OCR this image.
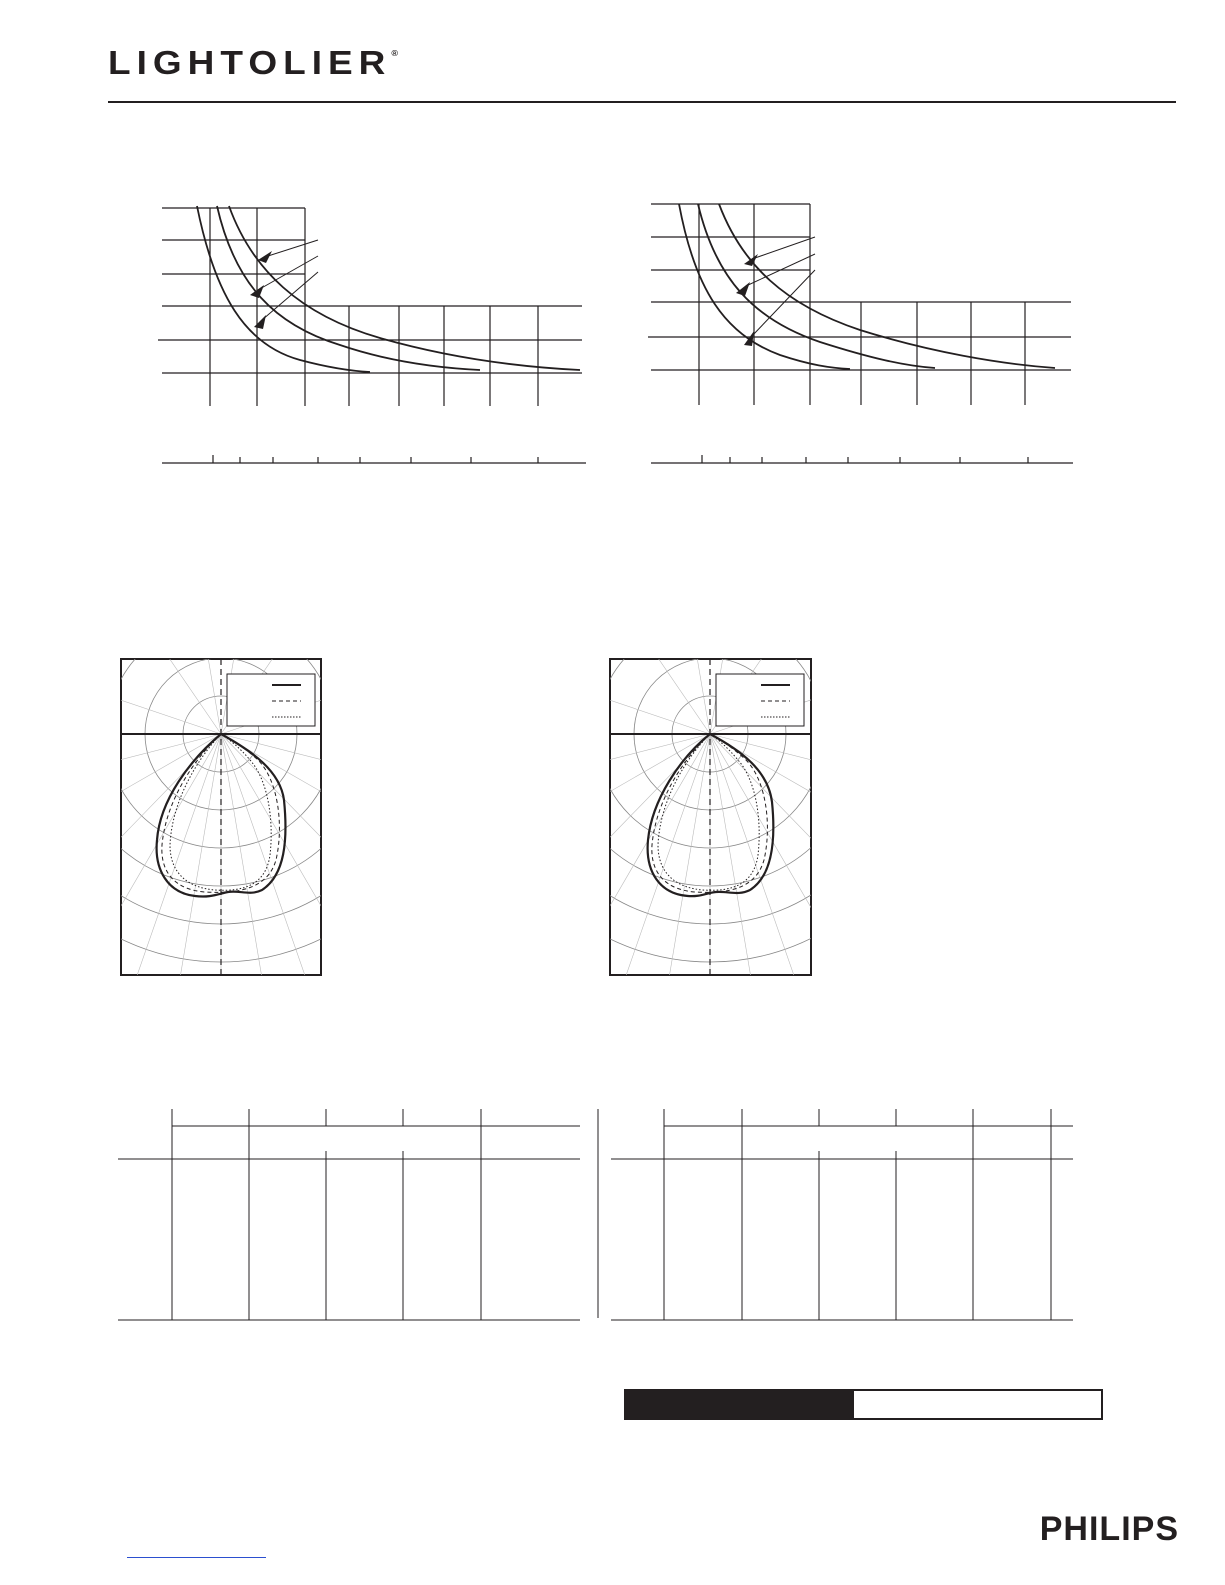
LIGHTOLIER®
PHILIPS
